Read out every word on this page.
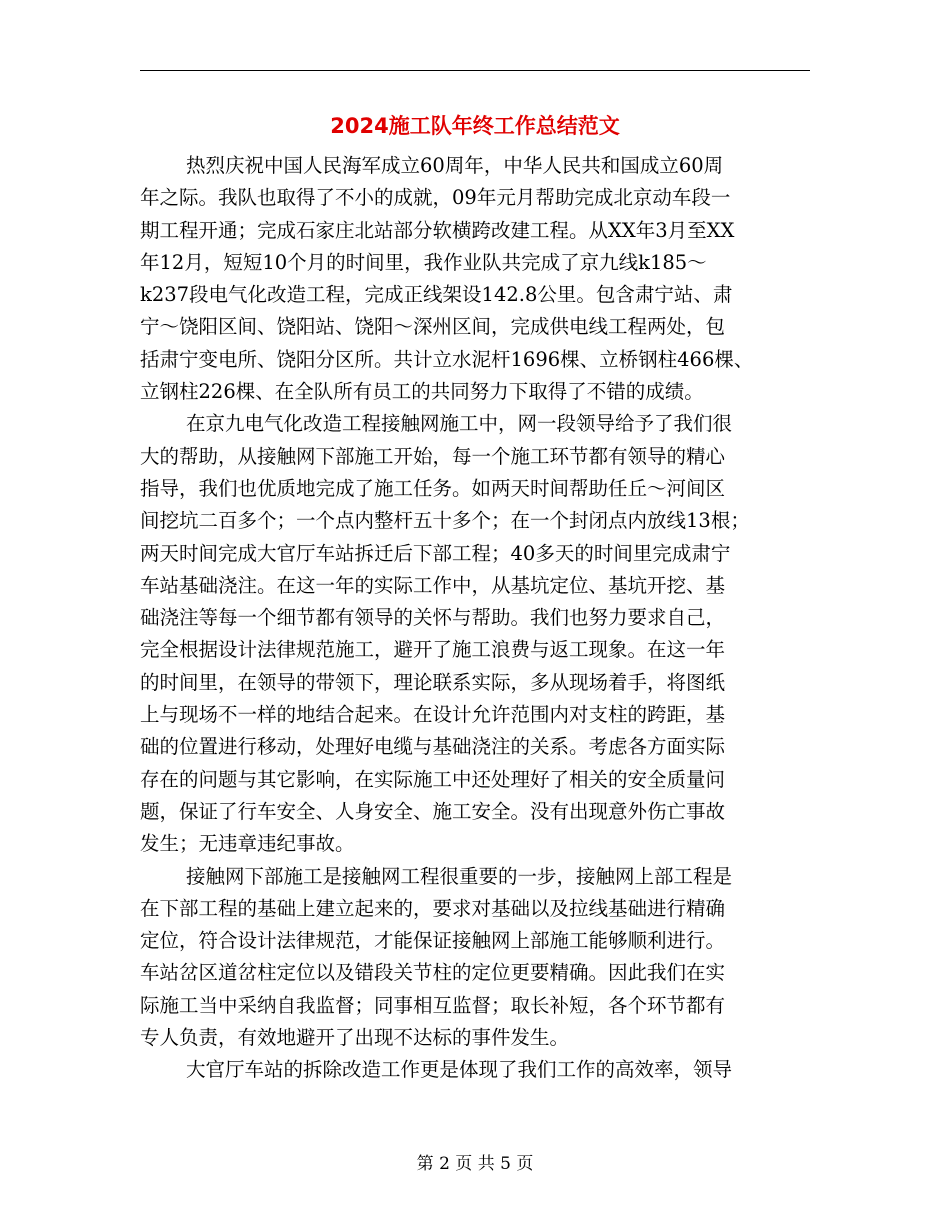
2024施工队年终工作总结范文
热烈庆祝中国人民海军成立60周年，中华人民共和国成立60周
年之际。我队也取得了不小的成就，09年元月帮助完成北京动车段一
期工程开通；完成石家庄北站部分软横跨改建工程。从XX年3月至XX
年12月，短短10个月的时间里，我作业队共完成了京九线k185～
k237段电气化改造工程，完成正线架设142.8公里。包含肃宁站、肃
宁～饶阳区间、饶阳站、饶阳～深州区间，完成供电线工程两处，包
括肃宁变电所、饶阳分区所。共计立水泥杆1696棵、立桥钢柱466棵、
立钢柱226棵、在全队所有员工的共同努力下取得了不错的成绩。
在京九电气化改造工程接触网施工中，网一段领导给予了我们很
大的帮助，从接触网下部施工开始，每一个施工环节都有领导的精心
指导，我们也优质地完成了施工任务。如两天时间帮助任丘～河间区
间挖坑二百多个；一个点内整杆五十多个；在一个封闭点内放线13根；
两天时间完成大官厅车站拆迁后下部工程；40多天的时间里完成肃宁
车站基础浇注。在这一年的实际工作中，从基坑定位、基坑开挖、基
础浇注等每一个细节都有领导的关怀与帮助。我们也努力要求自己，
完全根据设计法律规范施工，避开了施工浪费与返工现象。在这一年
的时间里，在领导的带领下，理论联系实际，多从现场着手，将图纸
上与现场不一样的地结合起来。在设计允许范围内对支柱的跨距，基
础的位置进行移动，处理好电缆与基础浇注的关系。考虑各方面实际
存在的问题与其它影响，在实际施工中还处理好了相关的安全质量问
题，保证了行车安全、人身安全、施工安全。没有出现意外伤亡事故
发生；无违章违纪事故。
接触网下部施工是接触网工程很重要的一步，接触网上部工程是
在下部工程的基础上建立起来的，要求对基础以及拉线基础进行精确
定位，符合设计法律规范，才能保证接触网上部施工能够顺利进行。
车站岔区道岔柱定位以及错段关节柱的定位更要精确。因此我们在实
际施工当中采纳自我监督；同事相互监督；取长补短，各个环节都有
专人负责，有效地避开了出现不达标的事件发生。
大官厅车站的拆除改造工作更是体现了我们工作的高效率，领导
第 2 页 共 5 页
